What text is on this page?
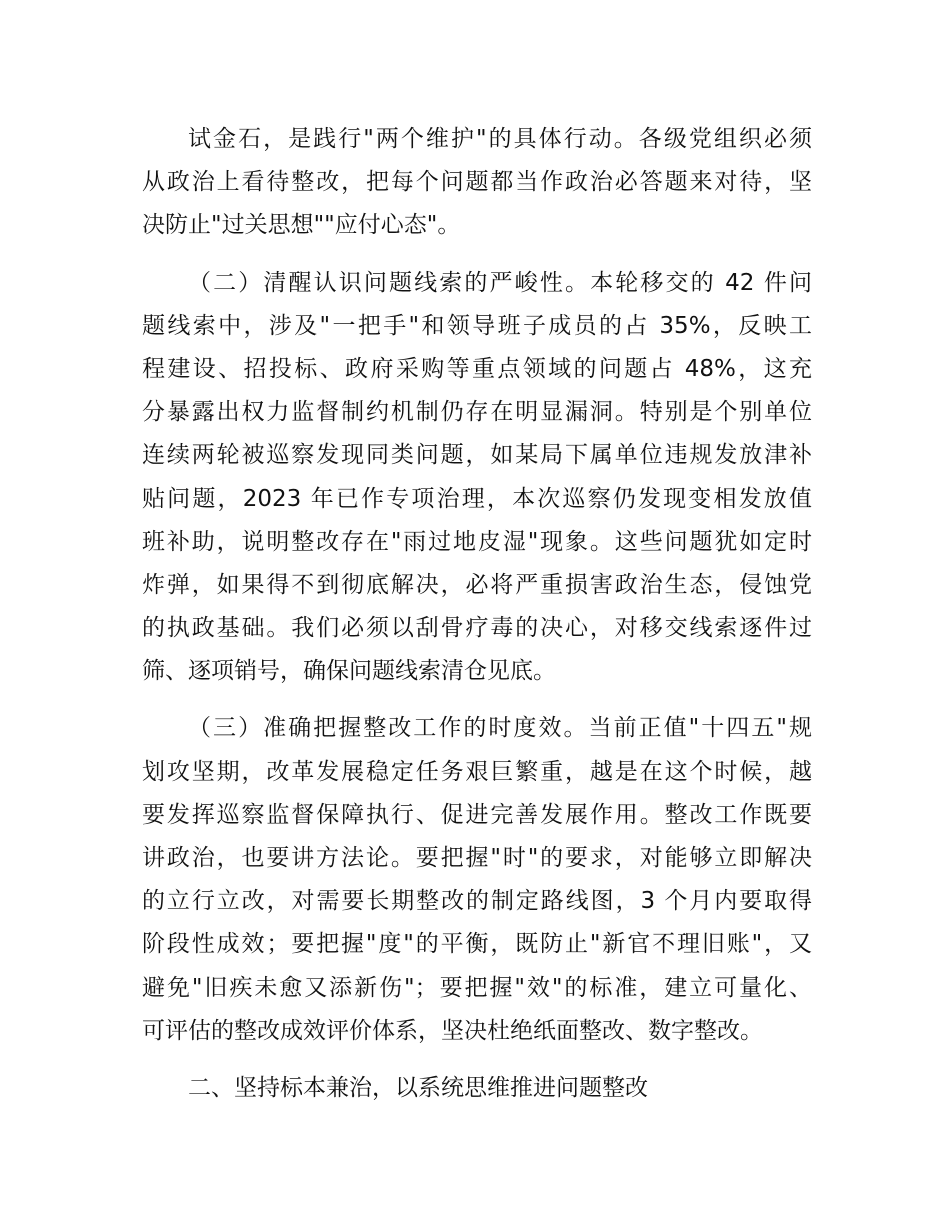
试金石，是践行"两个维护"的具体行动。各级党组织必须
从政治上看待整改，把每个问题都当作政治必答题来对待，坚
决防止"过关思想""应付心态"。
（二）清醒认识问题线索的严峻性。本轮移交的 42 件问
题线索中，涉及"一把手"和领导班子成员的占 35%，反映工
程建设、招投标、政府采购等重点领域的问题占 48%，这充
分暴露出权力监督制约机制仍存在明显漏洞。特别是个别单位
连续两轮被巡察发现同类问题，如某局下属单位违规发放津补
贴问题，2023 年已作专项治理，本次巡察仍发现变相发放值
班补助，说明整改存在"雨过地皮湿"现象。这些问题犹如定时
炸弹，如果得不到彻底解决，必将严重损害政治生态，侵蚀党
的执政基础。我们必须以刮骨疗毒的决心，对移交线索逐件过
筛、逐项销号，确保问题线索清仓见底。
（三）准确把握整改工作的时度效。当前正值"十四五"规
划攻坚期，改革发展稳定任务艰巨繁重，越是在这个时候，越
要发挥巡察监督保障执行、促进完善发展作用。整改工作既要
讲政治，也要讲方法论。要把握"时"的要求，对能够立即解决
的立行立改，对需要长期整改的制定路线图，3 个月内要取得
阶段性成效；要把握"度"的平衡，既防止"新官不理旧账"，又
避免"旧疾未愈又添新伤"；要把握"效"的标准，建立可量化、
可评估的整改成效评价体系，坚决杜绝纸面整改、数字整改。
二、坚持标本兼治，以系统思维推进问题整改
